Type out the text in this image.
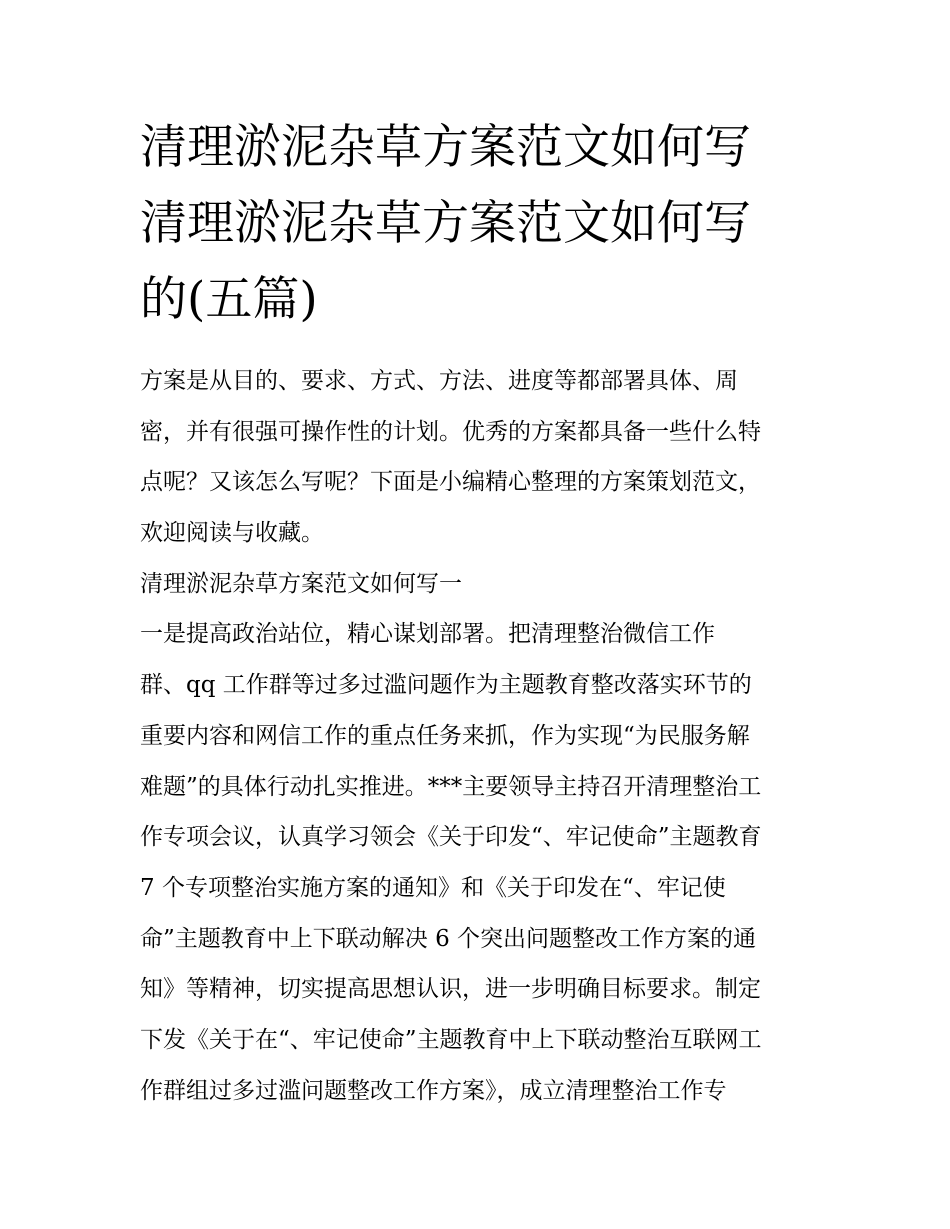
清理淤泥杂草方案范文如何写
清理淤泥杂草方案范文如何写
的(五篇)
方案是从目的、要求、方式、方法、进度等都部署具体、周
密，并有很强可操作性的计划。优秀的方案都具备一些什么特
点呢？又该怎么写呢？下面是小编精心整理的方案策划范文，
欢迎阅读与收藏。
清理淤泥杂草方案范文如何写一
一是提高政治站位，精心谋划部署。把清理整治微信工作
群、qq 工作群等过多过滥问题作为主题教育整改落实环节的
重要内容和网信工作的重点任务来抓，作为实现“为民服务解
难题”的具体行动扎实推进。***主要领导主持召开清理整治工
作专项会议，认真学习领会《关于印发“、牢记使命”主题教育
7 个专项整治实施方案的通知》和《关于印发在“、牢记使
命”主题教育中上下联动解决 6 个突出问题整改工作方案的通
知》等精神，切实提高思想认识，进一步明确目标要求。制定
下发《关于在“、牢记使命”主题教育中上下联动整治互联网工
作群组过多过滥问题整改工作方案》，成立清理整治工作专
